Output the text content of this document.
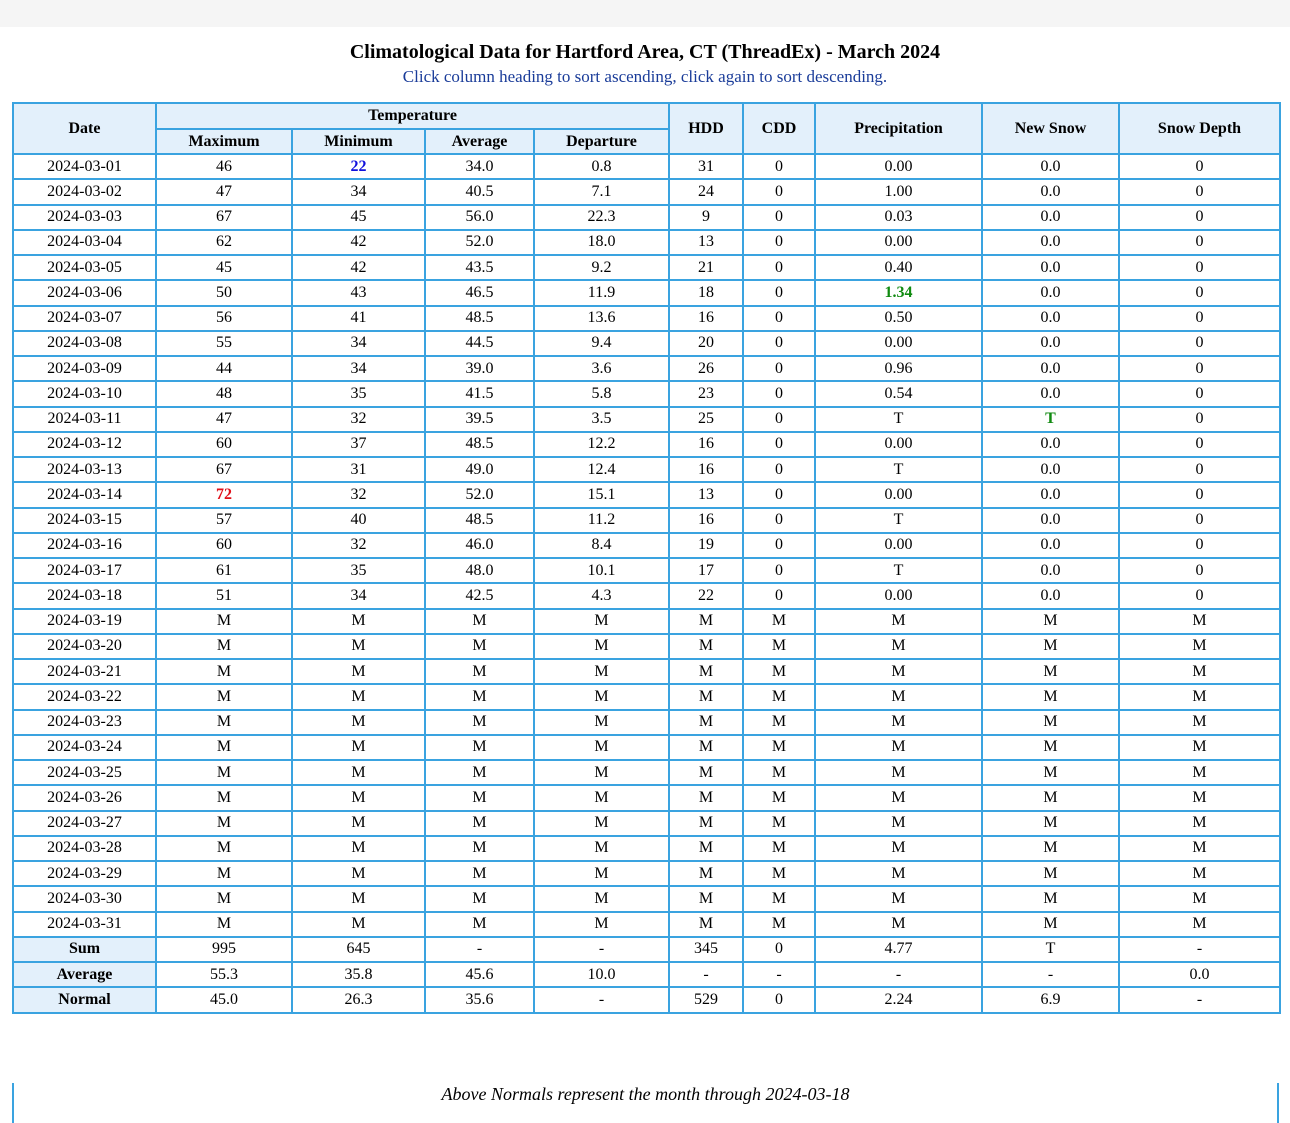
Climatological Data for Hartford Area, CT (ThreadEx) - March 2024
Click column heading to sort ascending, click again to sort descending.
Date	Temperature				HDD	CDD	Precipitation	New Snow	Snow Depth
	Maximum	Minimum	Average	Departure					
2024-03-01	46	22	34.0	0.8	31	0	0.00	0.0	0
2024-03-02	47	34	40.5	7.1	24	0	1.00	0.0	0
2024-03-03	67	45	56.0	22.3	9	0	0.03	0.0	0
2024-03-04	62	42	52.0	18.0	13	0	0.00	0.0	0
2024-03-05	45	42	43.5	9.2	21	0	0.40	0.0	0
2024-03-06	50	43	46.5	11.9	18	0	1.34	0.0	0
2024-03-07	56	41	48.5	13.6	16	0	0.50	0.0	0
2024-03-08	55	34	44.5	9.4	20	0	0.00	0.0	0
2024-03-09	44	34	39.0	3.6	26	0	0.96	0.0	0
2024-03-10	48	35	41.5	5.8	23	0	0.54	0.0	0
2024-03-11	47	32	39.5	3.5	25	0	T	T	0
2024-03-12	60	37	48.5	12.2	16	0	0.00	0.0	0
2024-03-13	67	31	49.0	12.4	16	0	T	0.0	0
2024-03-14	72	32	52.0	15.1	13	0	0.00	0.0	0
2024-03-15	57	40	48.5	11.2	16	0	T	0.0	0
2024-03-16	60	32	46.0	8.4	19	0	0.00	0.0	0
2024-03-17	61	35	48.0	10.1	17	0	T	0.0	0
2024-03-18	51	34	42.5	4.3	22	0	0.00	0.0	0
2024-03-19	M	M	M	M	M	M	M	M	M
2024-03-20	M	M	M	M	M	M	M	M	M
2024-03-21	M	M	M	M	M	M	M	M	M
2024-03-22	M	M	M	M	M	M	M	M	M
2024-03-23	M	M	M	M	M	M	M	M	M
2024-03-24	M	M	M	M	M	M	M	M	M
2024-03-25	M	M	M	M	M	M	M	M	M
2024-03-26	M	M	M	M	M	M	M	M	M
2024-03-27	M	M	M	M	M	M	M	M	M
2024-03-28	M	M	M	M	M	M	M	M	M
2024-03-29	M	M	M	M	M	M	M	M	M
2024-03-30	M	M	M	M	M	M	M	M	M
2024-03-31	M	M	M	M	M	M	M	M	M
Sum	995	645	-	-	345	0	4.77	T	-
Average	55.3	35.8	45.6	10.0	-	-	-	-	0.0
Normal	45.0	26.3	35.6	-	529	0	2.24	6.9	-
Above Normals represent the month through 2024-03-18
